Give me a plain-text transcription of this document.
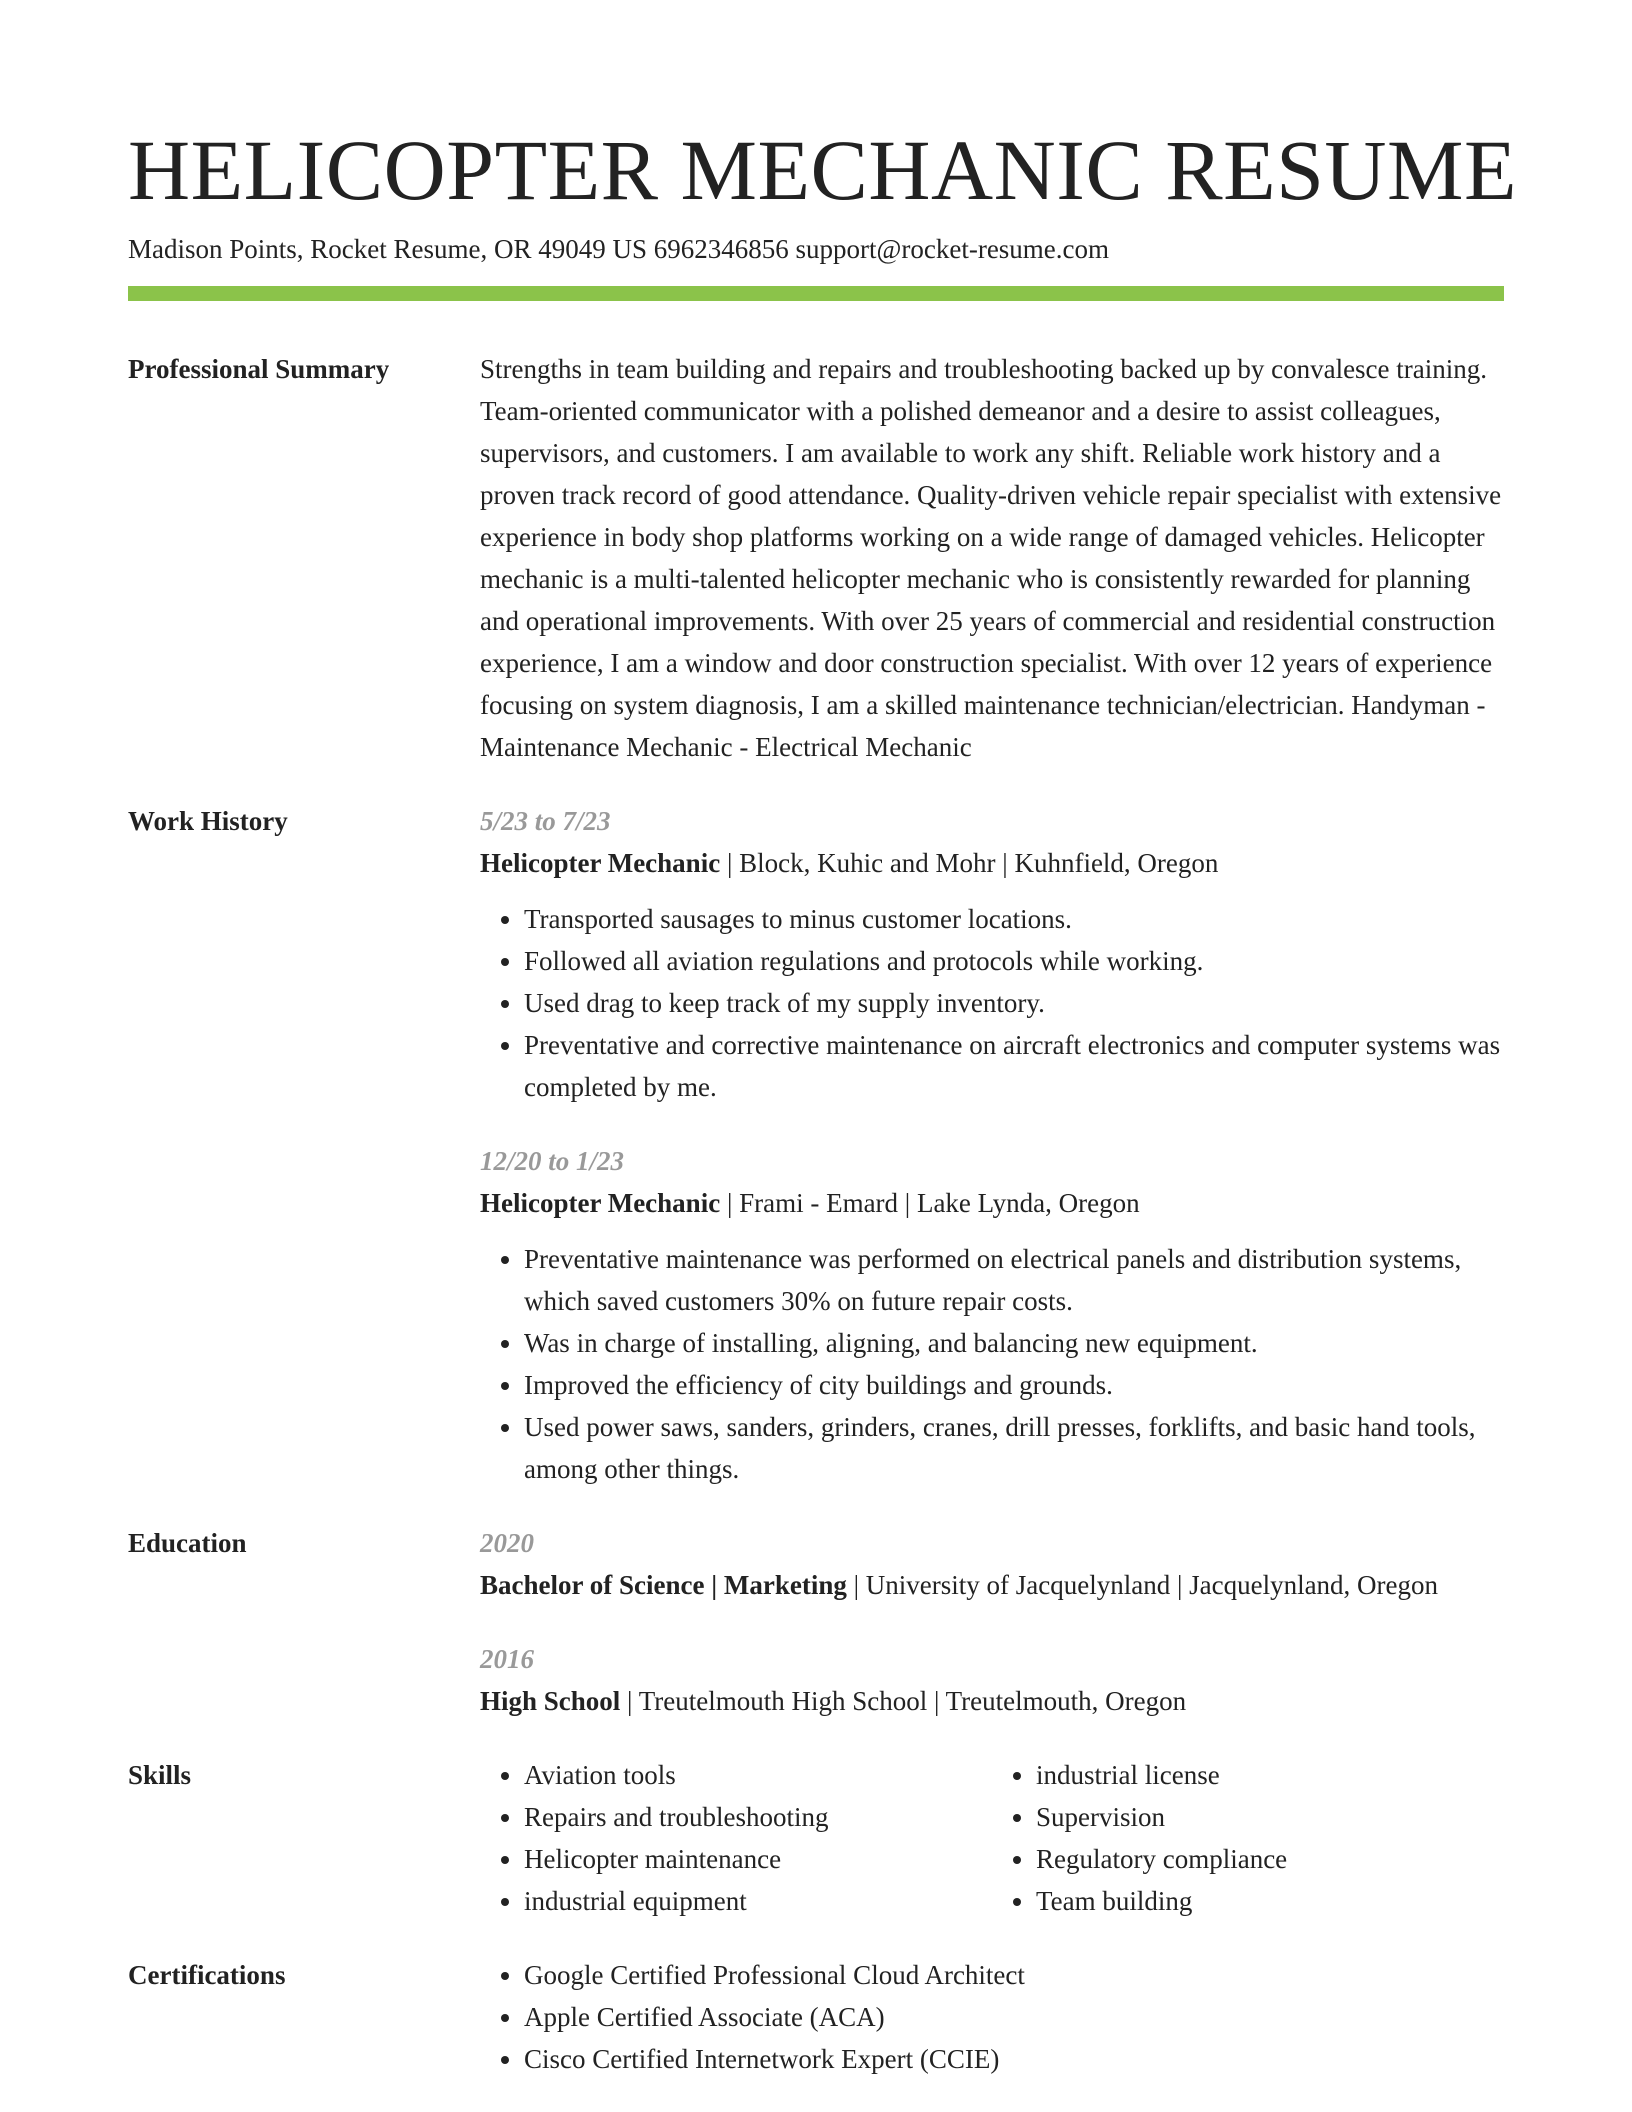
HELICOPTER MECHANIC RESUME
Madison Points, Rocket Resume, OR 49049 US 6962346856 support@rocket-resume.com
Professional Summary	Strengths in team building and repairs and troubleshooting backed up by convalesce training. Team-oriented communicator with a polished demeanor and a desire to assist colleagues, supervisors, and customers. I am available to work any shift. Reliable work history and a proven track record of good attendance. Quality-driven vehicle repair specialist with extensive experience in body shop platforms working on a wide range of damaged vehicles. Helicopter mechanic is a multi-talented helicopter mechanic who is consistently rewarded for planning and operational improvements. With over 25 years of commercial and residential construction experience, I am a window and door construction specialist. With over 12 years of experience focusing on system diagnosis, I am a skilled maintenance technician/electrician. Handyman - Maintenance Mechanic - Electrical Mechanic

Work History	5/23 to 7/23
Helicopter Mechanic | Block, Kuhic and Mohr | Kuhnfield, Oregon
• Transported sausages to minus customer locations.
• Followed all aviation regulations and protocols while working.
• Used drag to keep track of my supply inventory.
• Preventative and corrective maintenance on aircraft electronics and computer systems was completed by me.
12/20 to 1/23
Helicopter Mechanic | Frami - Emard | Lake Lynda, Oregon
• Preventative maintenance was performed on electrical panels and distribution systems, which saved customers 30% on future repair costs.
• Was in charge of installing, aligning, and balancing new equipment.
• Improved the efficiency of city buildings and grounds.
• Used power saws, sanders, grinders, cranes, drill presses, forklifts, and basic hand tools, among other things.
Education	2020
Bachelor of Science | Marketing | University of Jacquelynland | Jacquelynland, Oregon
2016
High School | Treutelmouth High School | Treutelmouth, Oregon
Skills	• Aviation tools
• Repairs and troubleshooting
• Helicopter maintenance
• industrial equipment
• industrial license
• Supervision
• Regulatory compliance
• Team building
Certifications	• Google Certified Professional Cloud Architect
• Apple Certified Associate (ACA)
• Cisco Certified Internetwork Expert (CCIE)
